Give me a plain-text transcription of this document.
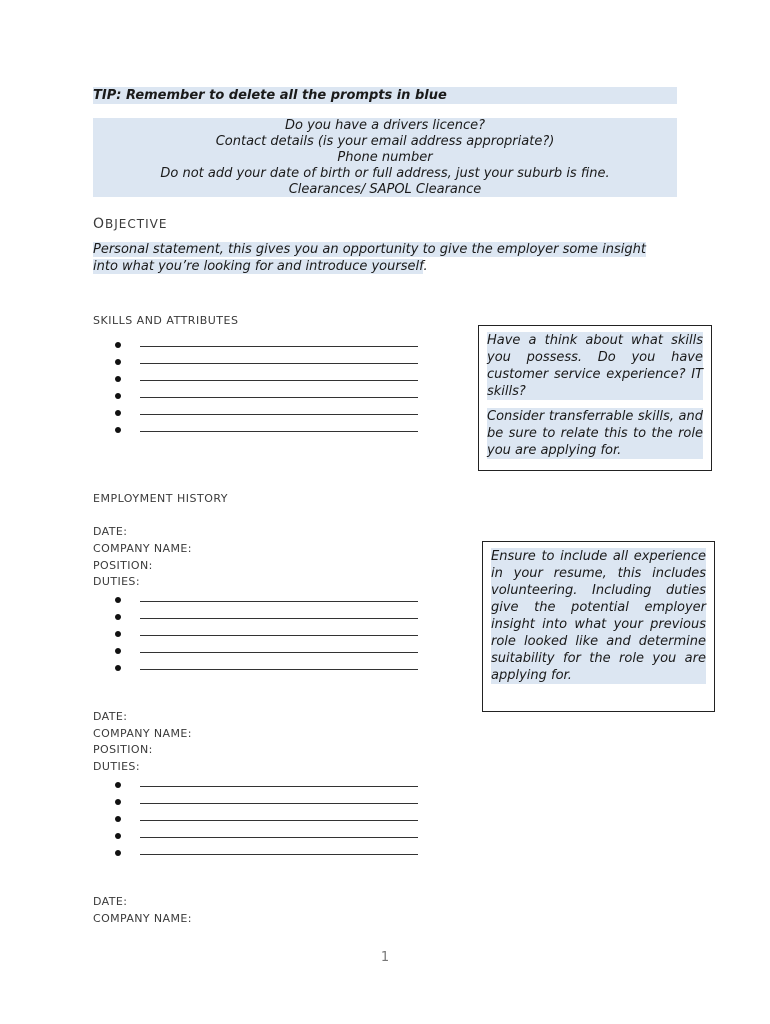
TIP: Remember to delete all the prompts in blue
Do you have a drivers licence?
Contact details (is your email address appropriate?)
Phone number
Do not add your date of birth or full address, just your suburb is fine.
Clearances/ SAPOL Clearance
OBJECTIVE
Personal statement, this gives you an opportunity to give the employer some insight into what you’re looking for and introduce yourself.
SKILLS AND ATTRIBUTES

Have a think about what skills you possess. Do you have customer service experience? IT skills?

Consider transferrable skills, and be sure to relate this to the role you are applying for.

EMPLOYMENT HISTORY
DATE:
COMPANY NAME:
POSITION:
DUTIES:

Ensure to include all experience in your resume, this includes volunteering. Including duties give the potential employer insight into what your previous role looked like and determine suitability for the role you are applying for.

DATE:
COMPANY NAME:
POSITION:
DUTIES:
DATE:
COMPANY NAME:
1
